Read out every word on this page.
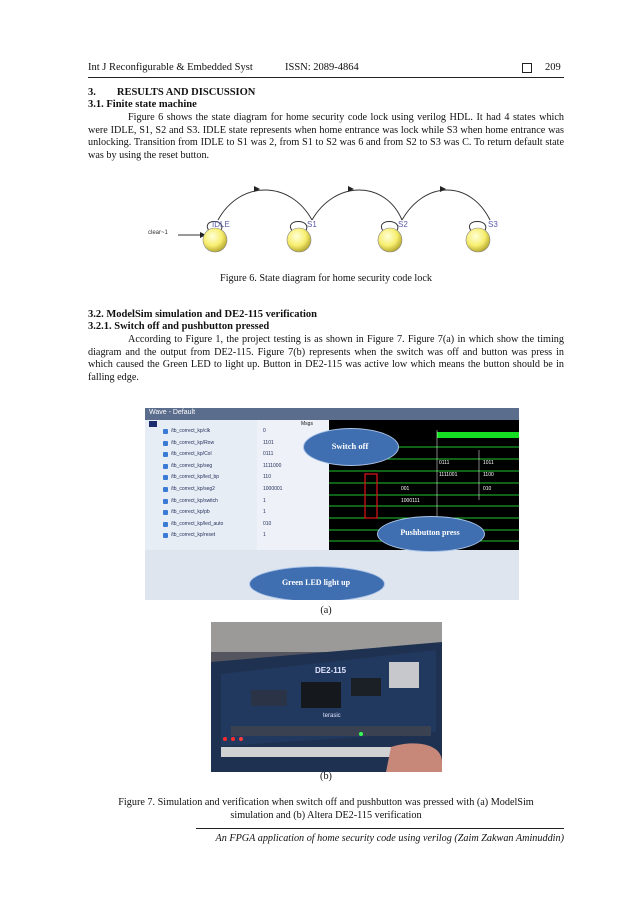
Int J Reconfigurable & Embedded Syst	ISSN: 2089-4864	209
3.  RESULTS AND DISCUSSION
3.1. Finite state machine
Figure 6 shows the state diagram for home security code lock using verilog HDL. It had 4 states which were IDLE, S1, S2 and S3. IDLE state represents when home entrance was lock while S3 when home entrance was unlocking. Transition from IDLE to S1 was 2, from S1 to S2 was 6 and from S2 to S3 was C. To return default state was by using the reset button.
clear~1
IDLE	S1	S2	S3
Figure 6. State diagram for home security code lock
3.2. ModelSim simulation and DE2-115 verification
3.2.1. Switch off and pushbutton pressed
According to Figure 1, the project testing is as shown in Figure 7. Figure 7(a) in which show the timing diagram and the output from DE2-115. Figure 7(b) represents when the switch was off and button was press in which caused the Green LED to light up. Button in DE2-115 was active low which means the button should be in falling edge.
Wave - Default
/tb_correct_kp/clk
/tb_correct_kp/Row
/tb_correct_kp/Col
/tb_correct_kp/seg
/tb_correct_kp/led_bp
/tb_correct_kp/seg2
/tb_correct_kp/switch
/tb_correct_kp/pb
/tb_correct_kp/led_auto
/tb_correct_kp/reset
Msgs
0
1101
0111
1111000
110
1000001
1
1
010
1
0111	1011
1111001	1100
001	010
1000111
Switch off
Pushbutton press
Green LED light up
(a)
DE2-115
terasic
(b)
Figure 7. Simulation and verification when switch off and pushbutton was pressed with (a) ModelSim
simulation and (b) Altera DE2-115 verification
An FPGA application of home security code using verilog (Zaim Zakwan Aminuddin)
